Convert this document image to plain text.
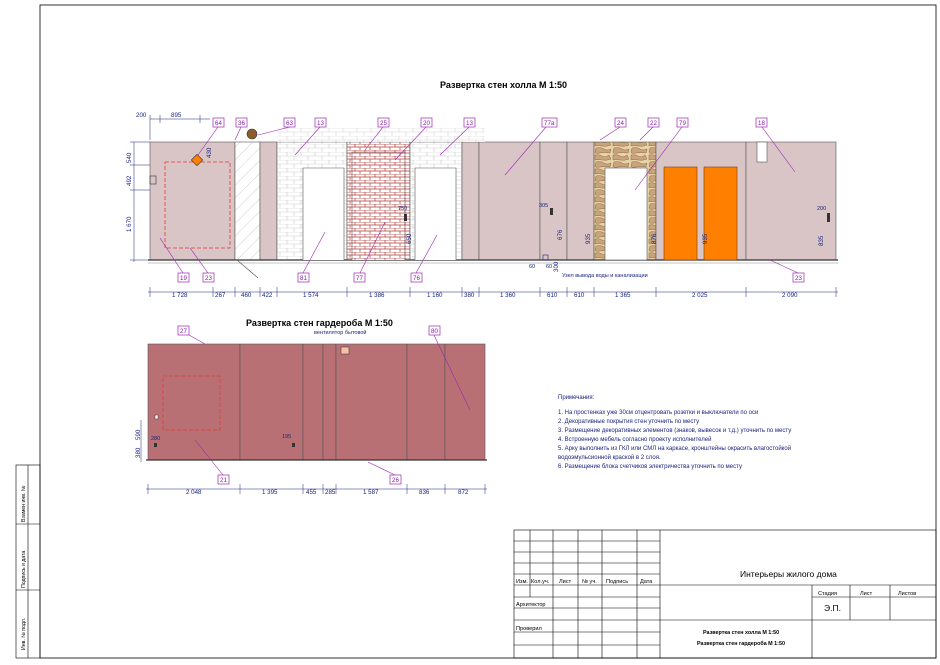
Взамен инв. №
Подпись и дата
Инв. № подл.
Развертка стен холла М 1:50
64	36	63	13	25	20	13	77а	24	22	79	18
19	23	81	77	76	23
200	895
540
492
1 670
430
750
650
305
676	935	876	935
200
835
60 60 300
Узел вывода воды и канализации
1 728	267	460 422	1 574	1 386	1 160	380	1 360	610	610	1 365	2 025	2 090
Развертка стен гардероба М 1:50
вентилятор бытовой
27	80
21	26
590 280
380
195
2 048	1 395	455 285	1 587	836	872
Примечания:
1. На простенках уже 30см отцентровать розетки и выключатели по оси
2. Декоративные покрытия стен уточнить по месту
3. Размещение декоративных элементов (знаков, вывесок и т.д.) уточнить по месту
4. Встроенную мебель согласно проекту исполнителей
5. Арку выполнить из ГКЛ или СМЛ на каркасе, кронштейны окрасить влагостойкой
водоэмульсионной краской в 2 слоя.
6. Размещение блока счетчиков электричества уточнить по месту
Изм. Кол.уч. Лист № уч. Подпись Дата
Архитектор
Проверил
Интерьеры жилого дома
Стадия	Лист	Листов
Э.П.
Развертка стен холла М 1:50
Развертка стен гардероба М 1:50
